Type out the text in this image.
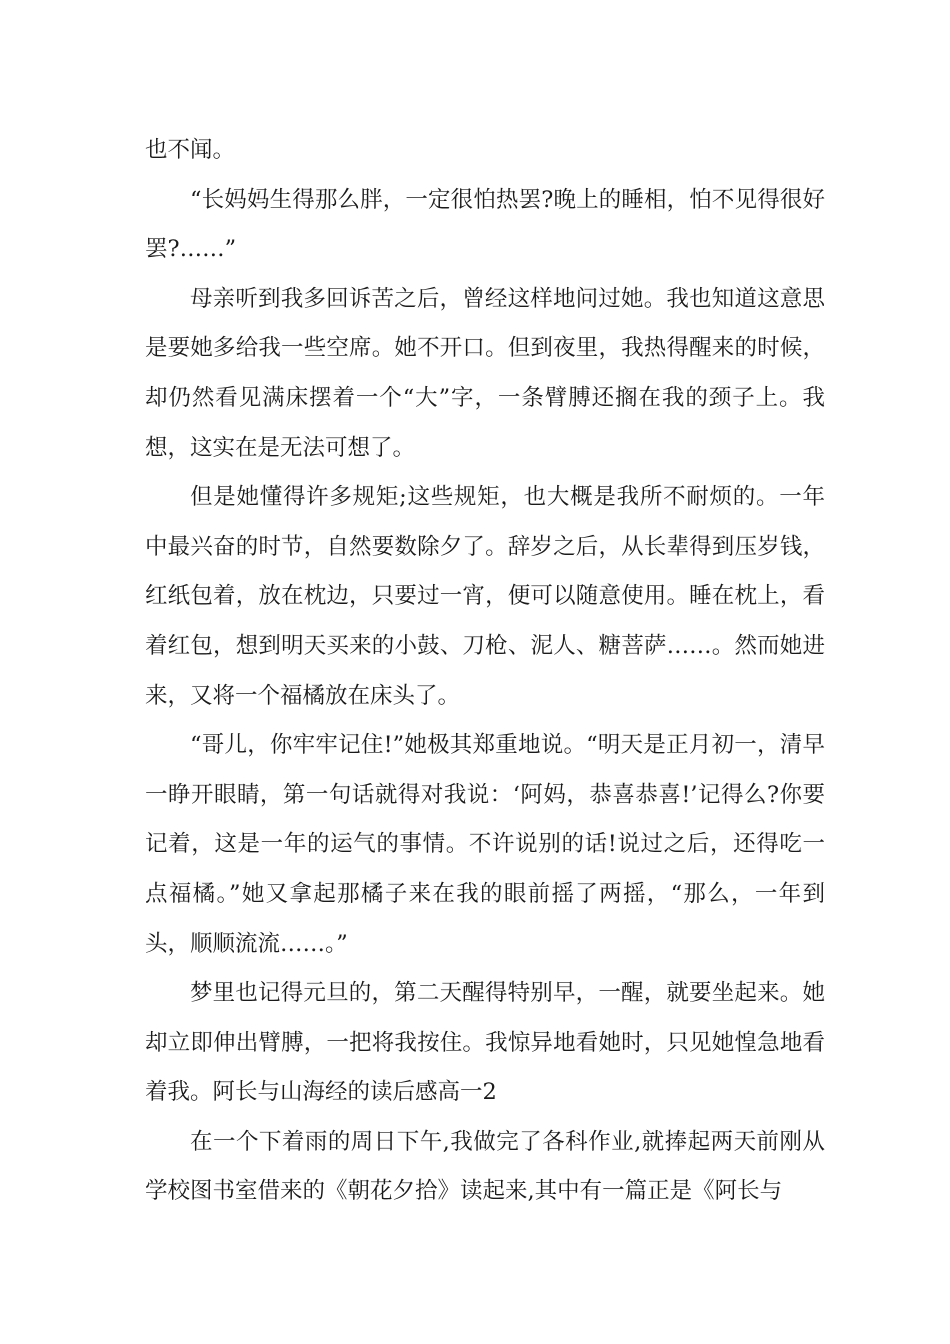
也不闻。

“长妈妈生得那么胖，一定很怕热罢?晚上的睡相，怕不见得很好罢?……”

母亲听到我多回诉苦之后，曾经这样地问过她。我也知道这意思是要她多给我一些空席。她不开口。但到夜里，我热得醒来的时候，却仍然看见满床摆着一个“大”字，一条臂膊还搁在我的颈子上。我想，这实在是无法可想了。

但是她懂得许多规矩;这些规矩，也大概是我所不耐烦的。一年中最兴奋的时节，自然要数除夕了。辞岁之后，从长辈得到压岁钱，红纸包着，放在枕边，只要过一宵，便可以随意使用。睡在枕上，看着红包，想到明天买来的小鼓、刀枪、泥人、糖菩萨……。然而她进来，又将一个福橘放在床头了。

“哥儿，你牢牢记住!”她极其郑重地说。“明天是正月初一，清早一睁开眼睛，第一句话就得对我说：‘阿妈，恭喜恭喜!’记得么?你要记着，这是一年的运气的事情。不许说别的话!说过之后，还得吃一点福橘。”她又拿起那橘子来在我的眼前摇了两摇，“那么，一年到头，顺顺流流……。”

梦里也记得元旦的，第二天醒得特别早，一醒，就要坐起来。她却立即伸出臂膊，一把将我按住。我惊异地看她时，只见她惶急地看着我。阿长与山海经的读后感高一2

在一个下着雨的周日下午,我做完了各科作业,就捧起两天前刚从学校图书室借来的《朝花夕拾》读起来,其中有一篇正是《阿长与
